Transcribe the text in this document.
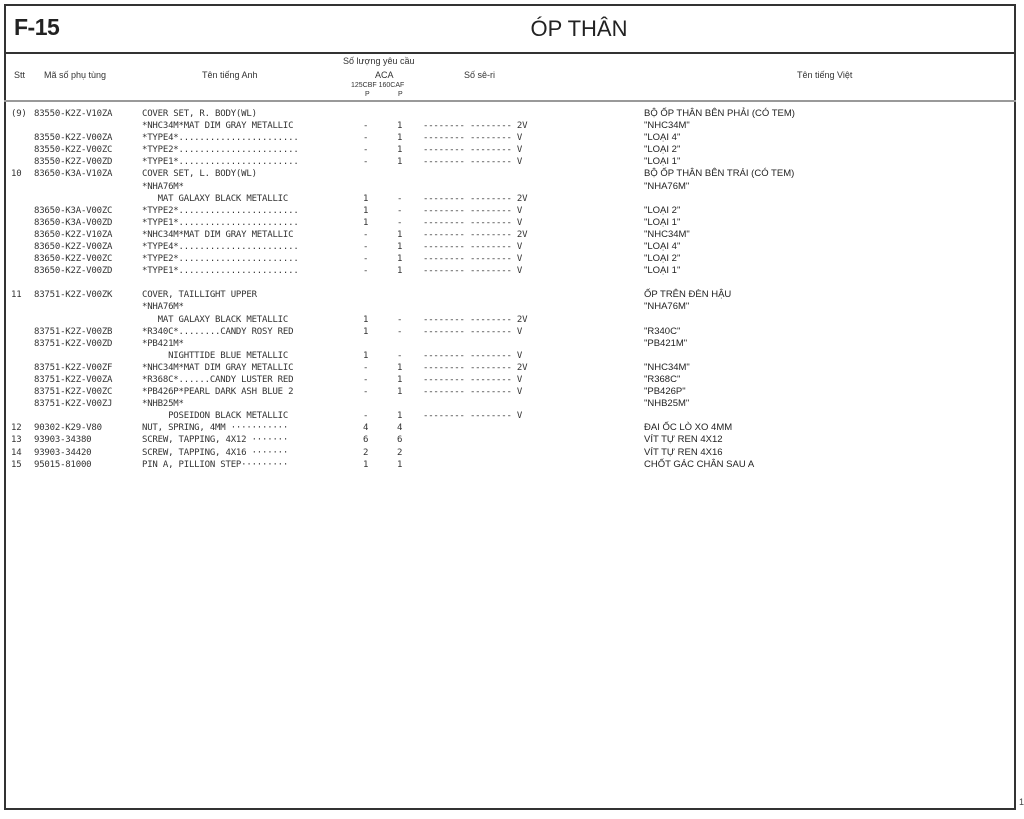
F-15	ÓP THÂN
Stt Mã số phụ tùng	Tên tiếng Anh
Số lượng yêu cầu
ACA
125CBF 160CAF
P	P
Số sê-ri	Tên tiếng Việt
(9) 83550-K2Z-V10ZA	COVER SET, R. BODY(WL)	BỘ ỐP THÂN BÊN PHẢI (CÓ TEM)
*NHC34M*MAT DIM GRAY METALLIC	-	1 -------- -------- 2V	"NHC34M"
83550-K2Z-V00ZA	*TYPE4*.......................	-	1 -------- -------- V	"LOẠI 4"
83550-K2Z-V00ZC	*TYPE2*.......................	-	1 -------- -------- V	"LOẠI 2"
83550-K2Z-V00ZD	*TYPE1*.......................	-	1 -------- -------- V	"LOẠI 1"
10 83650-K3A-V10ZA	COVER SET, L. BODY(WL)	BỘ ỐP THÂN BÊN TRÁI (CÓ TEM)
*NHA76M*	"NHA76M"
MAT GALAXY BLACK METALLIC	1	- -------- -------- 2V
83650-K3A-V00ZC	*TYPE2*.......................	1	- -------- -------- V	"LOẠI 2"
83650-K3A-V00ZD	*TYPE1*.......................	1	- -------- -------- V	"LOẠI 1"
83650-K2Z-V10ZA	*NHC34M*MAT DIM GRAY METALLIC	-	1 -------- -------- 2V	"NHC34M"
83650-K2Z-V00ZA	*TYPE4*.......................	-	1 -------- -------- V	"LOẠI 4"
83650-K2Z-V00ZC	*TYPE2*.......................	-	1 -------- -------- V	"LOẠI 2"
83650-K2Z-V00ZD	*TYPE1*.......................	-	1 -------- -------- V	"LOẠI 1"
11 83751-K2Z-V00ZK	COVER, TAILLIGHT UPPER	ỐP TRÊN ĐÈN HẬU
*NHA76M*	"NHA76M"
MAT GALAXY BLACK METALLIC	1	- -------- -------- 2V
83751-K2Z-V00ZB	*R340C*........CANDY ROSY RED	1	- -------- -------- V	"R340C"
83751-K2Z-V00ZD	*PB421M*	"PB421M"
NIGHTTIDE BLUE METALLIC	1	- -------- -------- V
83751-K2Z-V00ZF	*NHC34M*MAT DIM GRAY METALLIC	-	1 -------- -------- 2V	"NHC34M"
83751-K2Z-V00ZA	*R368C*......CANDY LUSTER RED	-	1 -------- -------- V	"R368C"
83751-K2Z-V00ZC	*PB426P*PEARL DARK ASH BLUE 2	-	1 -------- -------- V	"PB426P"
83751-K2Z-V00ZJ	*NHB25M*	"NHB25M"
POSEIDON BLACK METALLIC	-	1 -------- -------- V
12 90302-K29-V80	NUT, SPRING, 4MM ···········	4	4	ĐAI ỐC LÒ XO 4MM
13 93903-34380	SCREW, TAPPING, 4X12 ·······	6	6	VÍT TỰ REN 4X12
14 93903-34420	SCREW, TAPPING, 4X16 ·······	2	2	VÍT TỰ REN 4X16
15 95015-81000	PIN A, PILLION STEP·········	1	1	CHỐT GÁC CHÂN SAU A
1
